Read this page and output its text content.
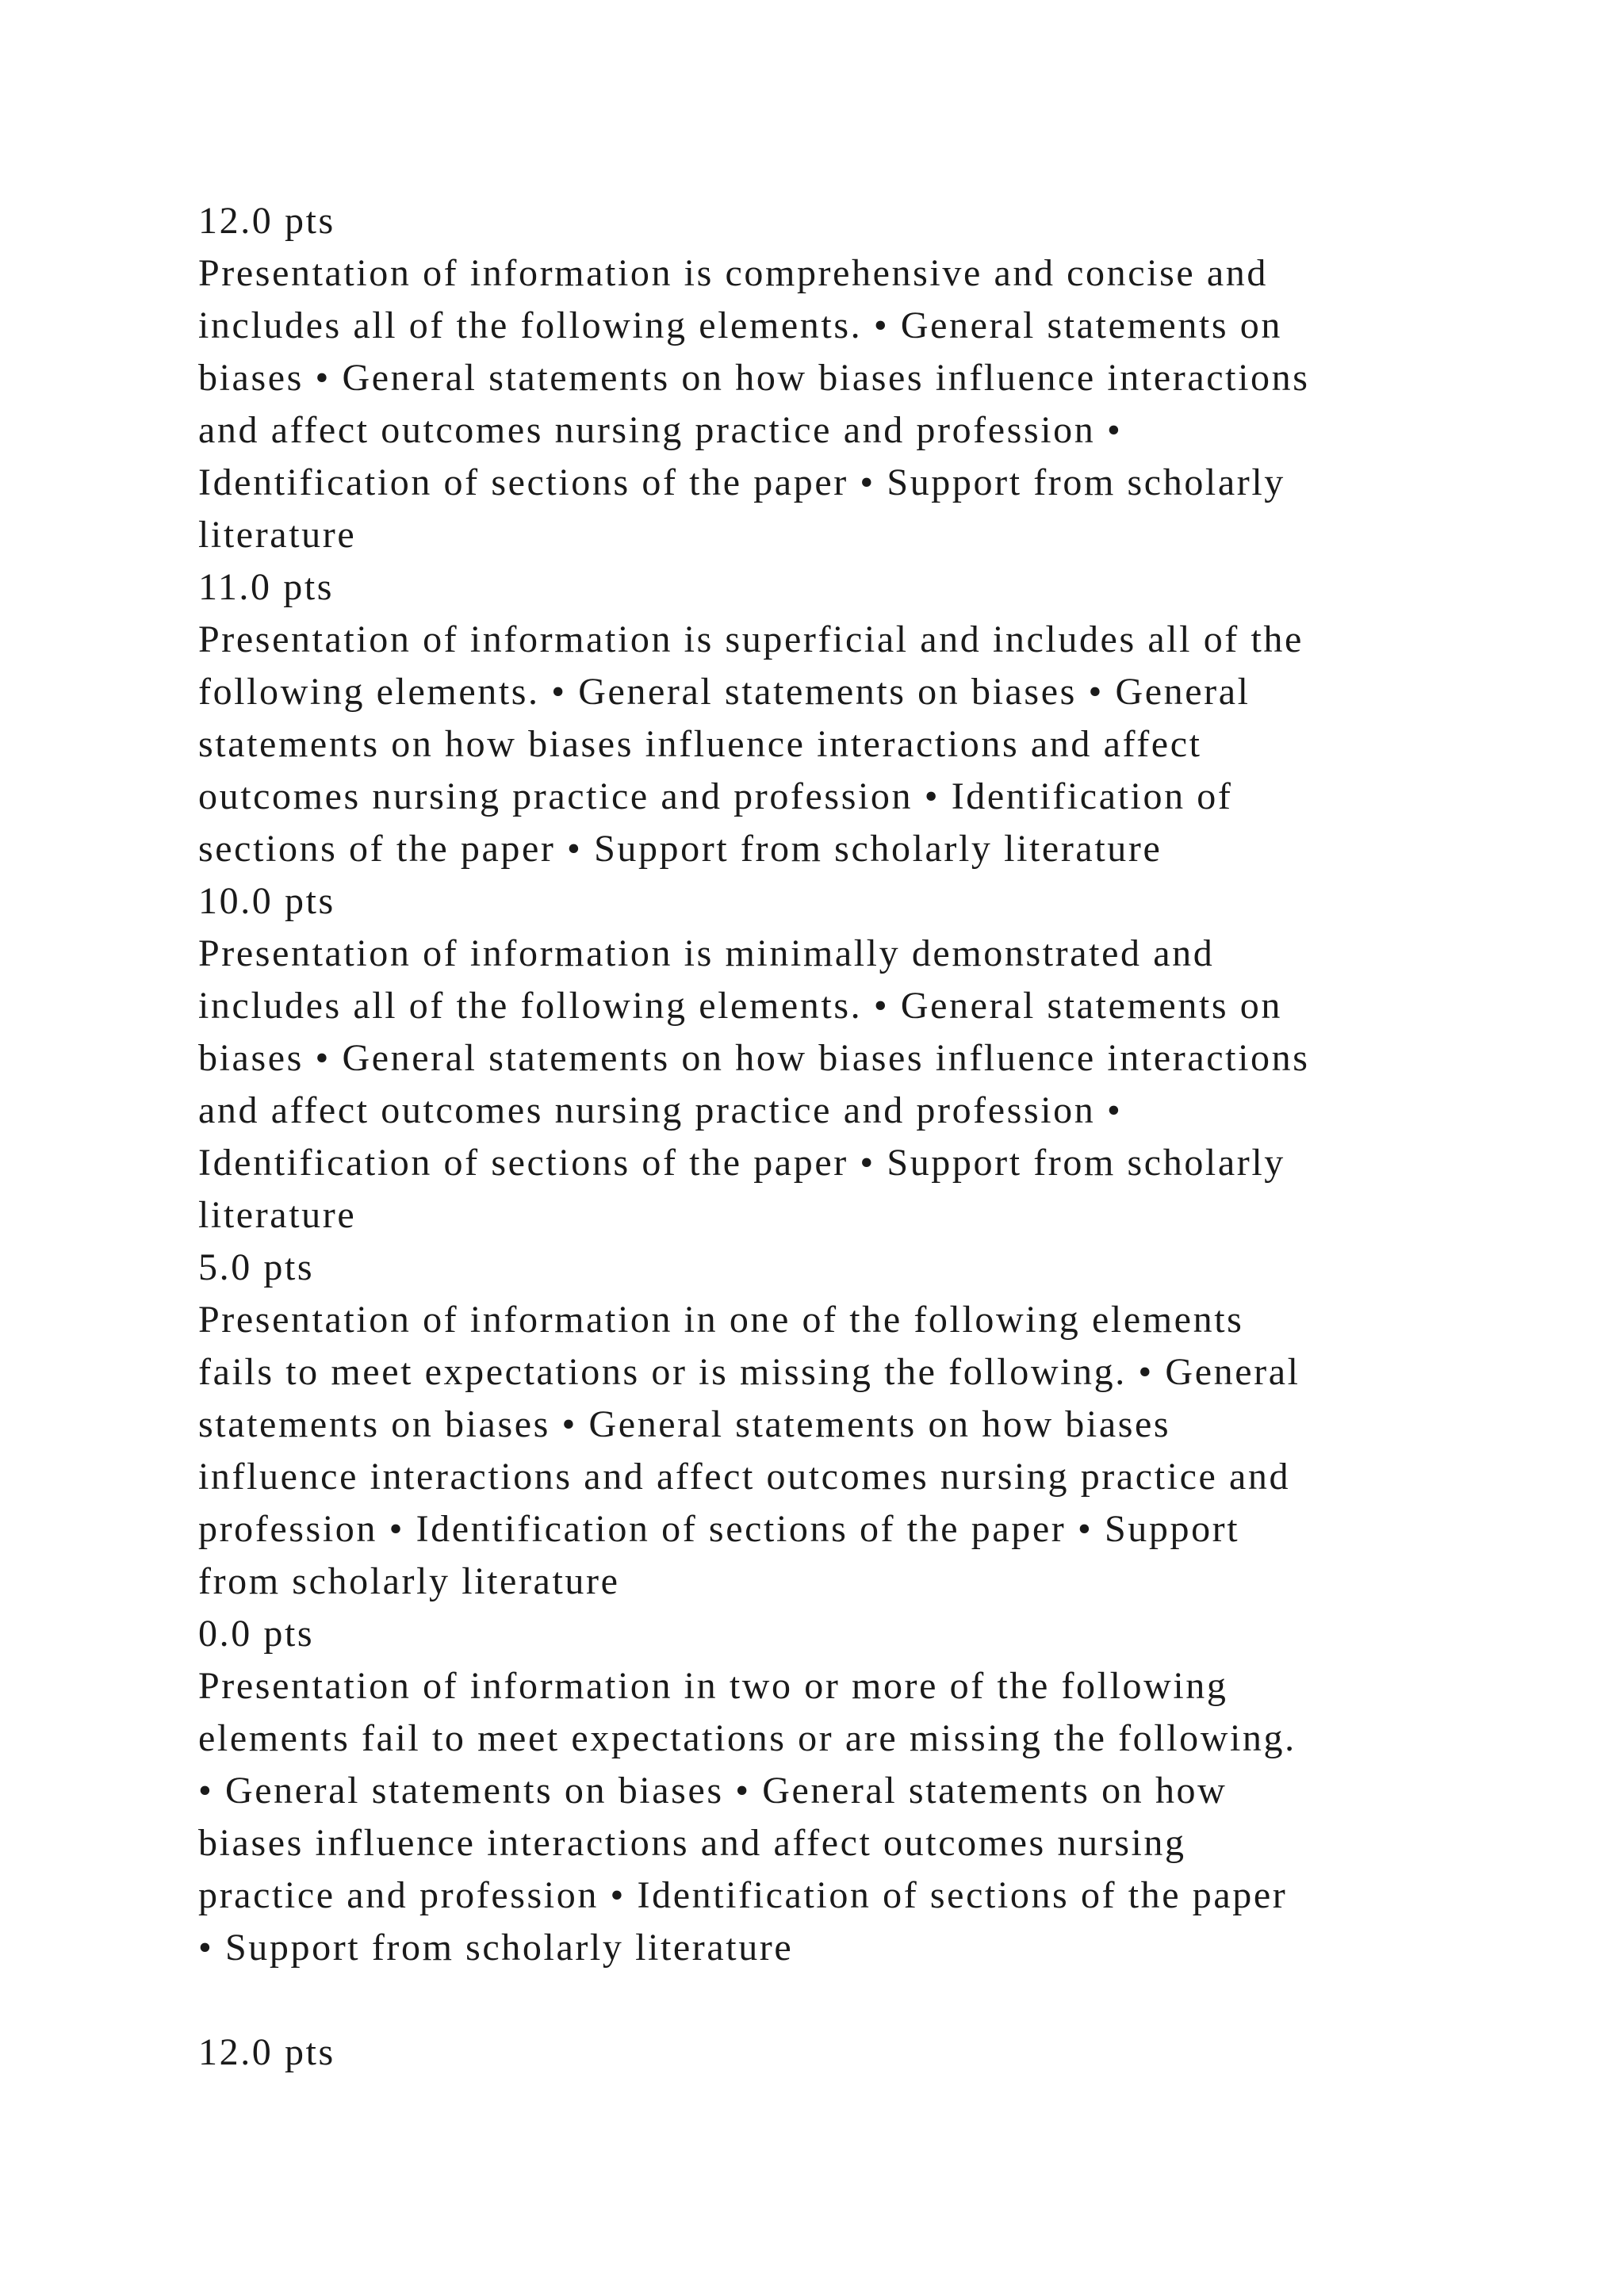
12.0 pts
Presentation of information is comprehensive and concise and
includes all of the following elements. • General statements on
biases • General statements on how biases influence interactions
and affect outcomes nursing practice and profession •
Identification of sections of the paper • Support from scholarly
literature
11.0 pts
Presentation of information is superficial and includes all of the
following elements. • General statements on biases • General
statements on how biases influence interactions and affect
outcomes nursing practice and profession • Identification of
sections of the paper • Support from scholarly literature
10.0 pts
Presentation of information is minimally demonstrated and
includes all of the following elements. • General statements on
biases • General statements on how biases influence interactions
and affect outcomes nursing practice and profession •
Identification of sections of the paper • Support from scholarly
literature
5.0 pts
Presentation of information in one of the following elements
fails to meet expectations or is missing the following. • General
statements on biases • General statements on how biases
influence interactions and affect outcomes nursing practice and
profession • Identification of sections of the paper • Support
from scholarly literature
0.0 pts
Presentation of information in two or more of the following
elements fail to meet expectations or are missing the following.
• General statements on biases • General statements on how
biases influence interactions and affect outcomes nursing
practice and profession • Identification of sections of the paper
• Support from scholarly literature
12.0 pts
